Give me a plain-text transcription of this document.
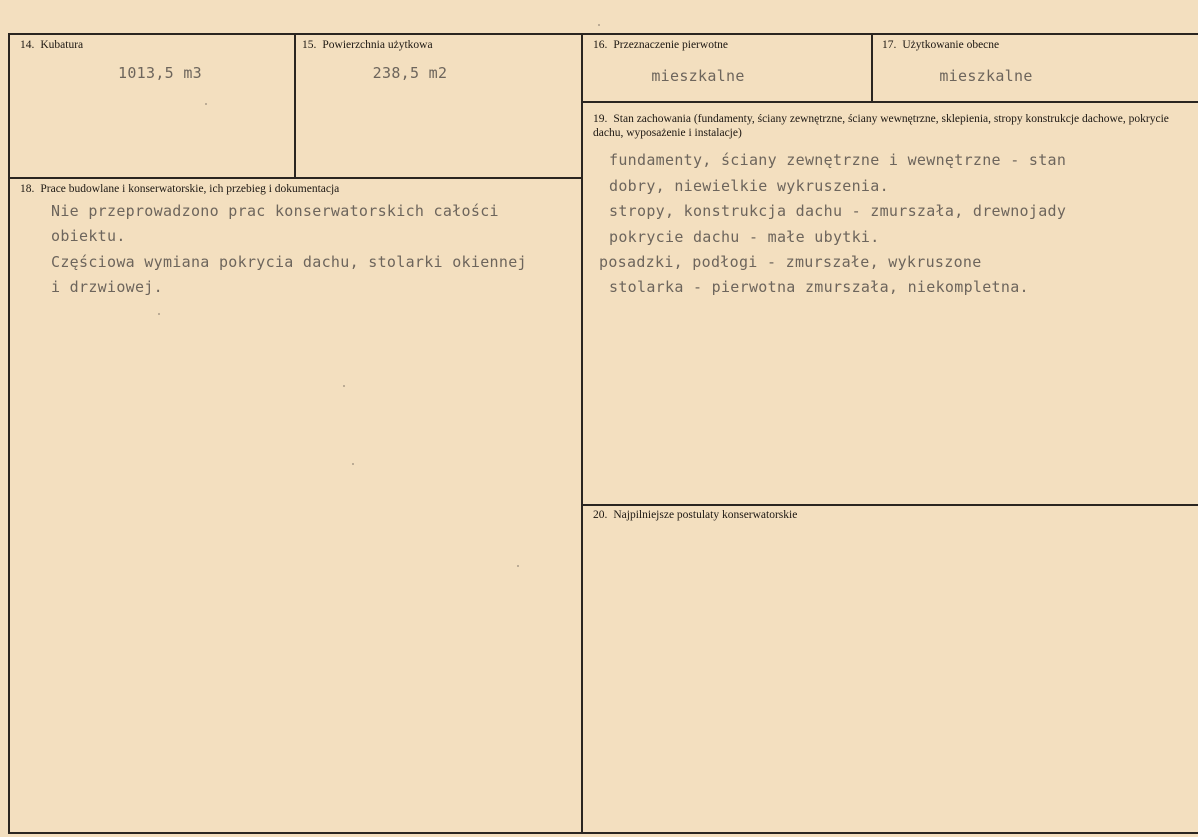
14. Kubatura
1013,5 m3
15. Powierzchnia użytkowa
238,5 m2
16. Przeznaczenie pierwotne
mieszkalne
17. Użytkowanie obecne
mieszkalne
18. Prace budowlane i konserwatorskie, ich przebieg i dokumentacja
Nie przeprowadzono prac konserwatorskich całości
obiektu.
Częściowa wymiana pokrycia dachu, stolarki okiennej
i drzwiowej.
19. Stan zachowania (fundamenty, ściany zewnętrzne, ściany wewnętrzne, sklepienia, stropy konstrukcje dachowe, pokrycie dachu, wyposażenie i instalacje)
fundamenty, ściany zewnętrzne i wewnętrzne - stan
dobry, niewielkie wykruszenia.
stropy, konstrukcja dachu - zmurszała, drewnojady
pokrycie dachu - małe ubytki.
posadzki, podłogi - zmurszałe, wykruszone
stolarka - pierwotna zmurszała, niekompletna.
20. Najpilniejsze postulaty konserwatorskie
